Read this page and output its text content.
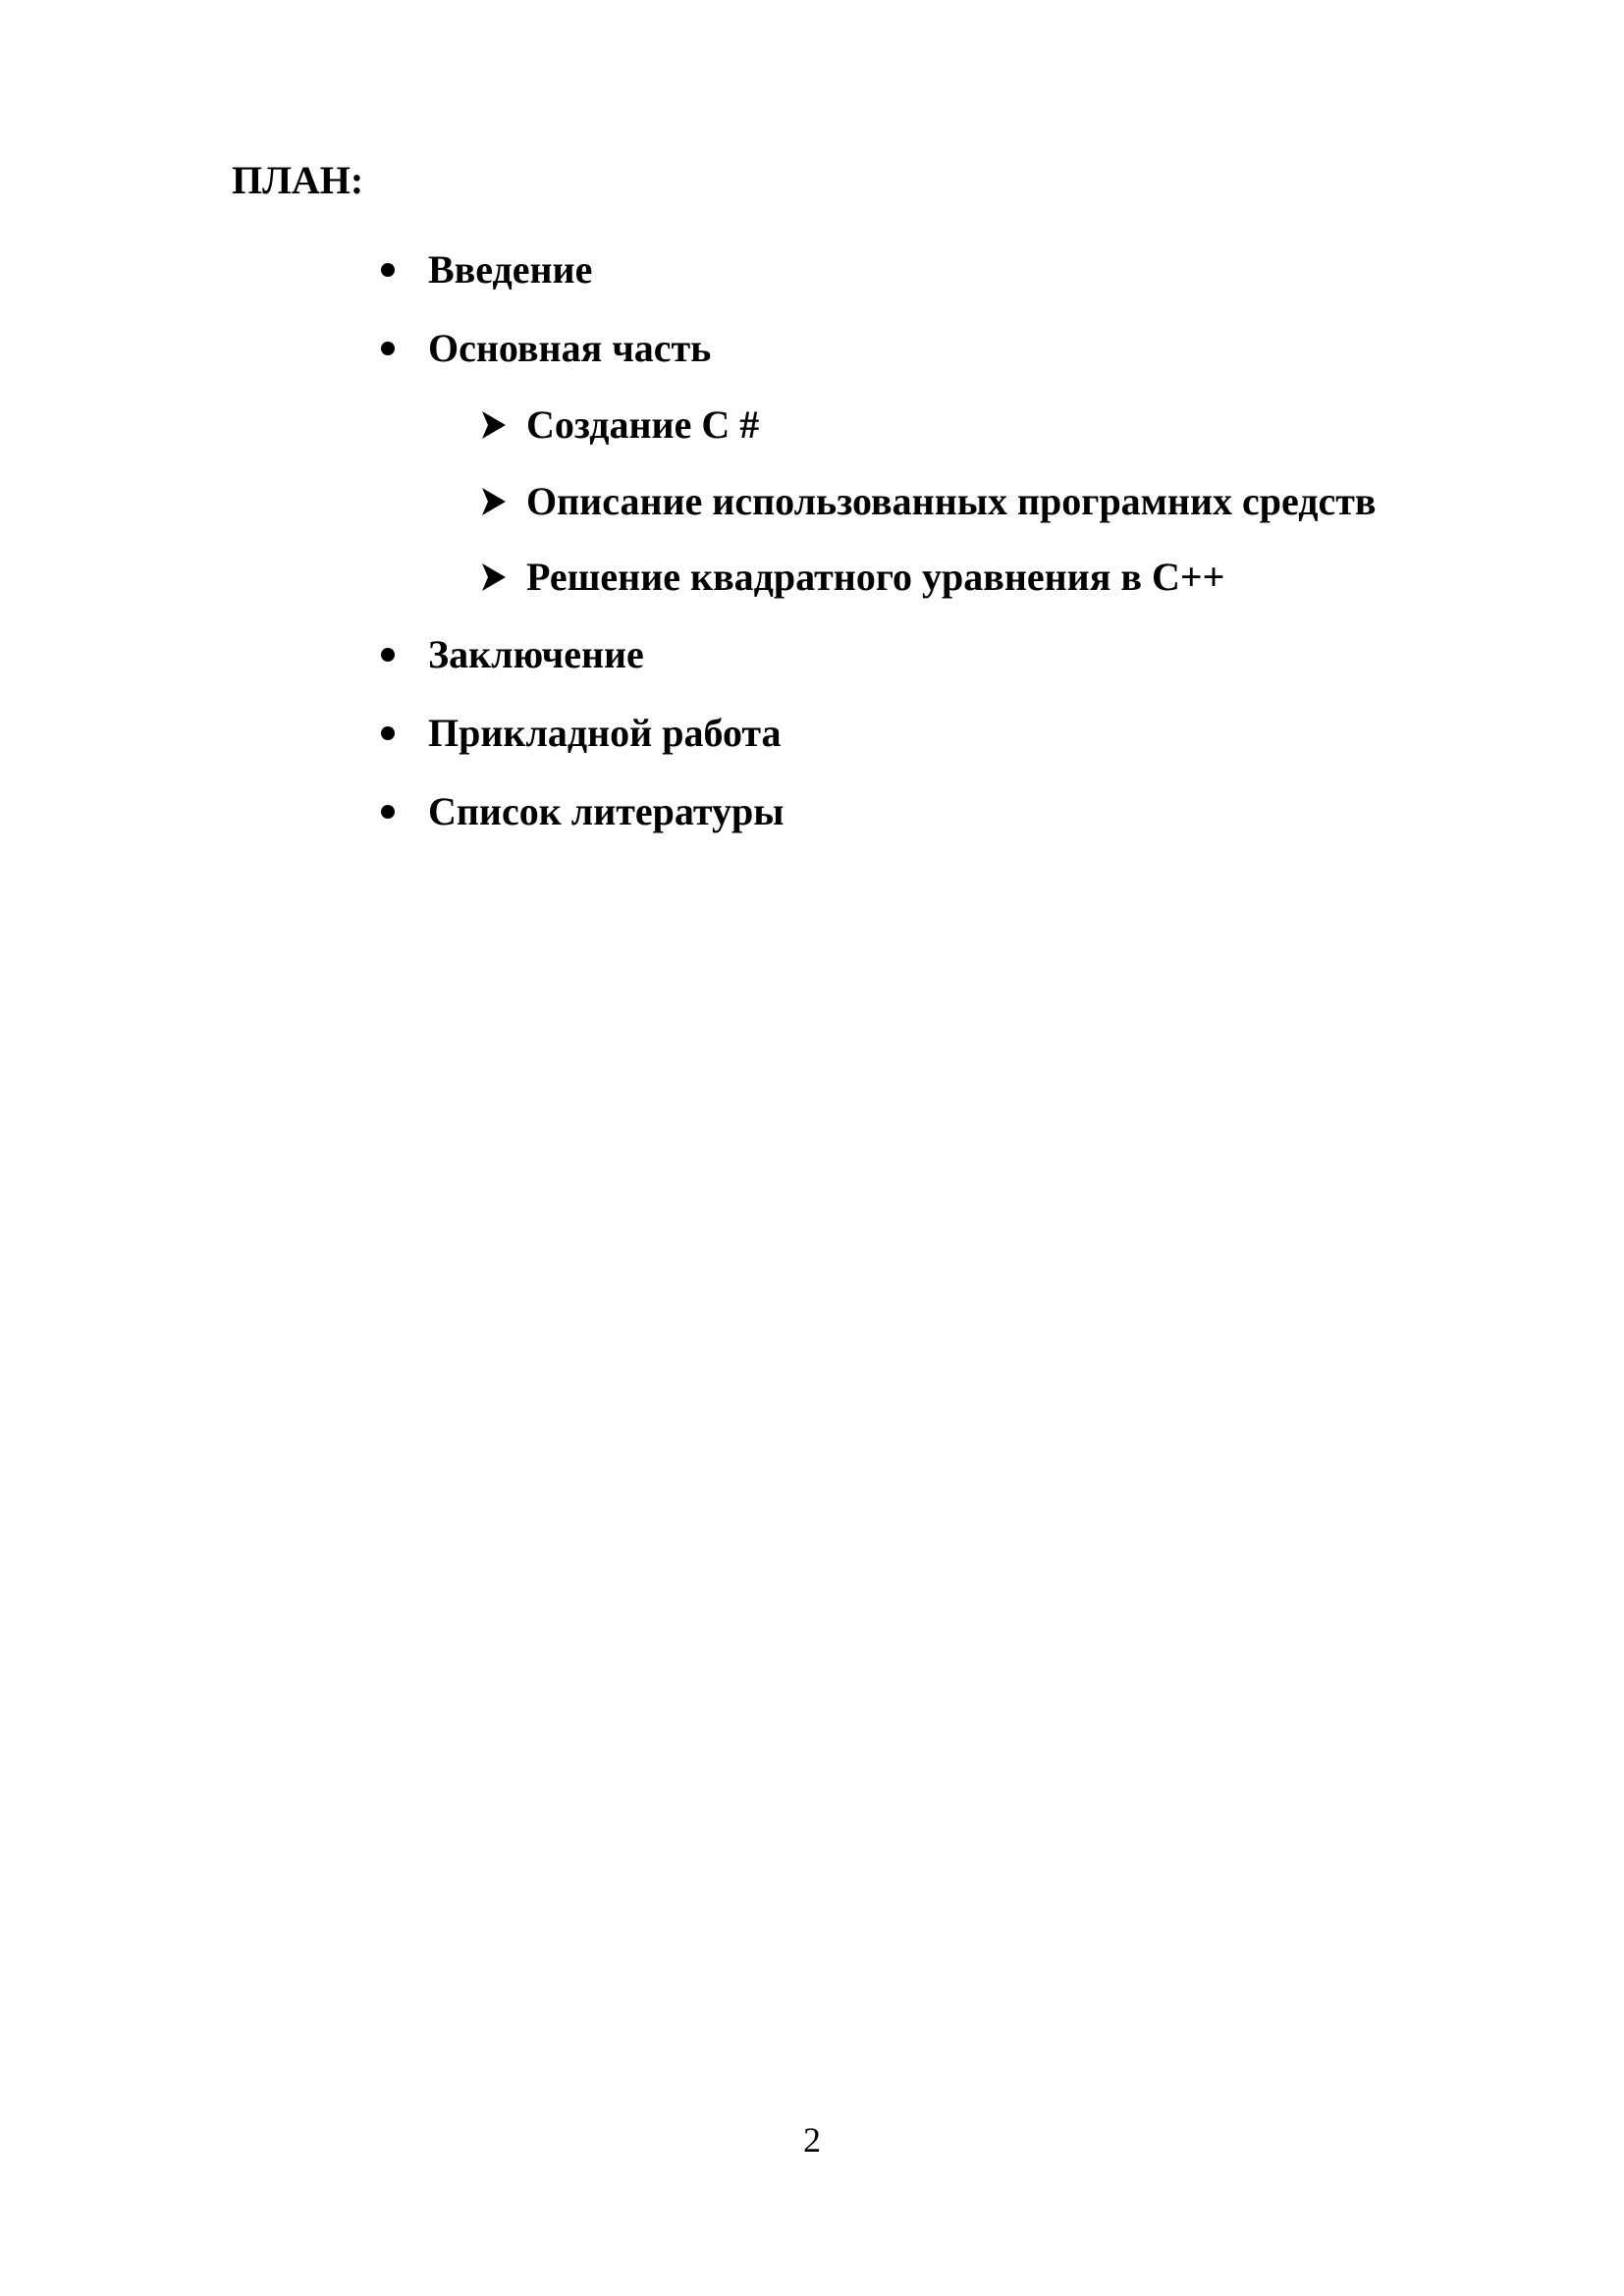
ПЛАН:
Введение
Основная часть
Создание С #
Описание использованных програмних средств
Решение квадратного уравнения в С++
Заключение
Прикладной работа
Список литературы
2
